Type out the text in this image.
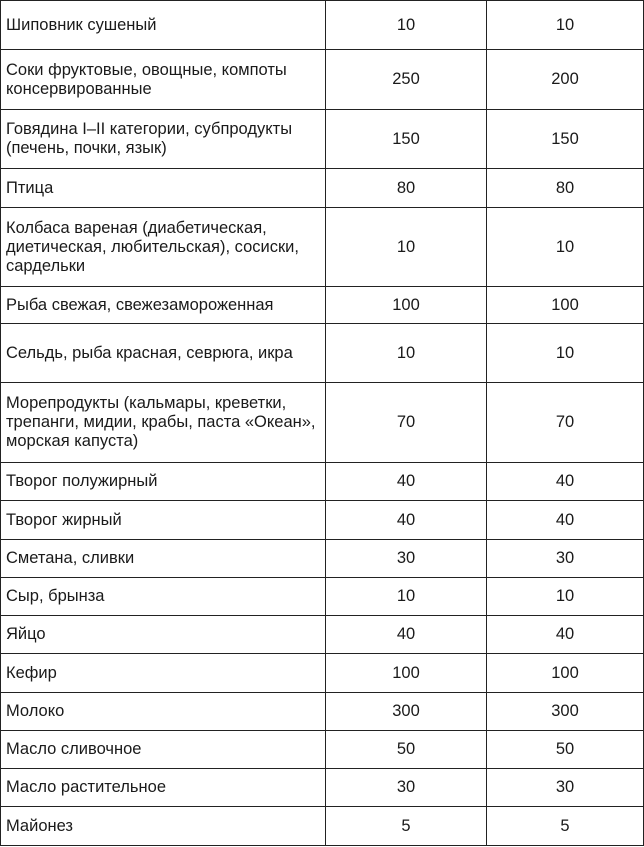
Шиповник сушеный	10	10
Соки фруктовые, овощные, компоты консервированные	250	200
Говядина I–II категории, субпродукты (печень, почки, язык)	150	150
Птица	80	80
Колбаса вареная (диабетическая, диетическая, любительская), сосиски, сардельки	10	10
Рыба свежая, свежезамороженная	100	100
Сельдь, рыба красная, севрюга, икра	10	10
Морепродукты (кальмары, креветки, трепанги, мидии, крабы, паста «Океан», морская капуста)	70	70
Творог полужирный	40	40
Творог жирный	40	40
Сметана, сливки	30	30
Сыр, брынза	10	10
Яйцо	40	40
Кефир	100	100
Молоко	300	300
Масло сливочное	50	50
Масло растительное	30	30
Майонез	5	5
